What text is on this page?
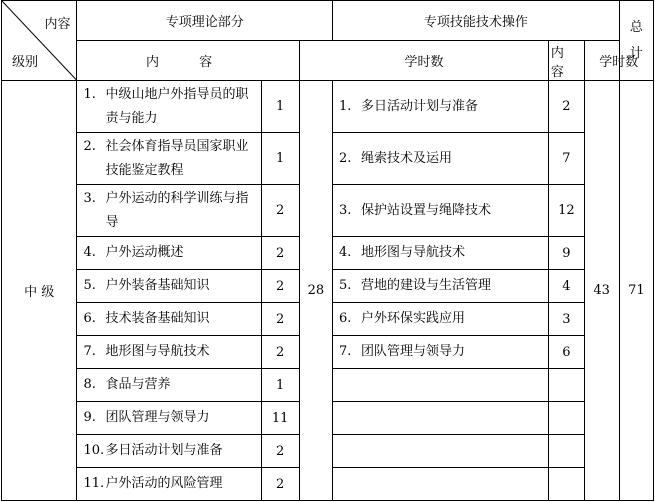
内容
级别	专项理论部分			专项技能技术操作			总计
	内 容		学时数		内 容	学时数	
中 级	1. 中级山地户外指导员的职责与能力	1	28	1. 多日活动计划与准备	2	43	71
	2. 社会体育指导员国家职业技能鉴定教程	1		2. 绳索技术及运用	7		
	3. 户外运动的科学训练与指导	2		3. 保护站设置与绳降技术	12		
	4. 户外运动概述	2		4. 地形图与导航技术	9		
	5. 户外装备基础知识	2		5. 营地的建设与生活管理	4		
	6. 技术装备基础知识	2		6. 户外环保实践应用	3		
	7. 地形图与导航技术	2		7. 团队管理与领导力	6		
	8. 食品与营养	1					
	9. 团队管理与领导力	11					
	10.多日活动计划与准备	2					
	11.户外活动的风险管理	2					
